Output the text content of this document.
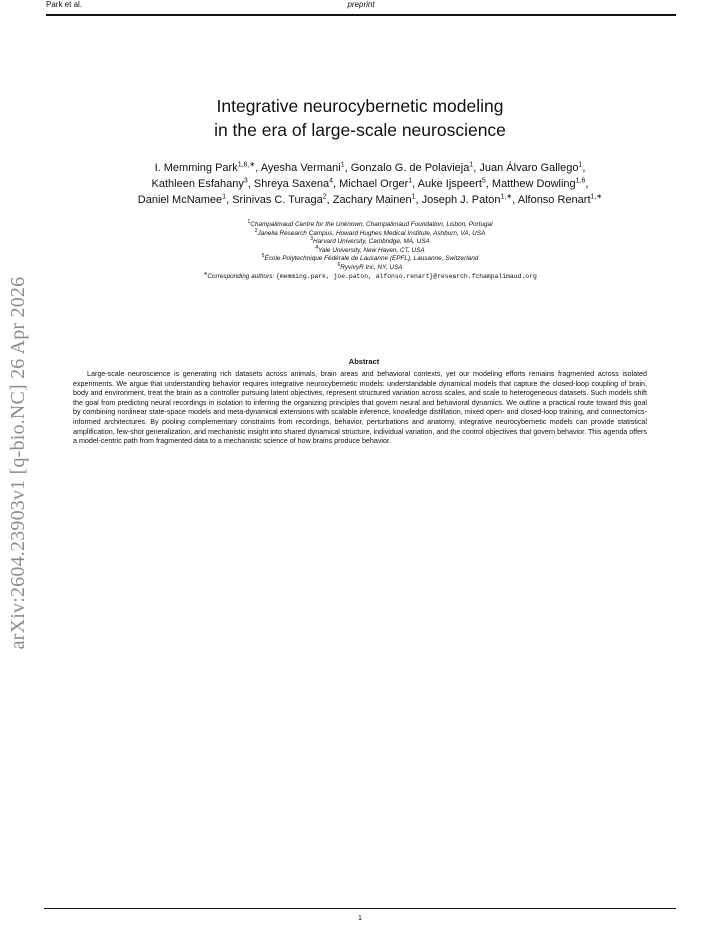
Park et al.	preprint
arXiv:2604.23903v1 [q-bio.NC] 26 Apr 2026
Integrative neurocybernetic modeling
in the era of large-scale neuroscience
I. Memming Park$^{1,6,∗}$, Ayesha Vermani$^1$, Gonzalo G. de Polavieja$^1$, Juan Álvaro Gallego$^1$,
Kathleen Esfahany$^3$, Shreya Saxena$^4$, Michael Orger$^1$, Auke Ijspeert$^5$, Matthew Dowling$^{1,6}$,
Daniel McNamee$^1$, Srinivas C. Turaga$^2$, Zachary Mainen$^1$, Joseph J. Paton$^{1,∗}$, Alfonso Renart$^{1,∗}$
$^1$Champalimaud Centre for the Unknown, Champalimaud Foundation, Lisbon, Portugal
$^2$Janelia Research Campus, Howard Hughes Medical Institute, Ashburn, VA, USA
$^3$Harvard University, Cambridge, MA, USA
$^4$Yale University, New Haven, CT, USA
$^5$École Polytechnique Fédérale de Lausanne (EPFL), Lausanne, Switzerland
$^6$RyvivyR Inc, NY, USA
∗Corresponding authors: {memming.park, joe.paton, alfonso.renart}@research.fchampalimaud.org
Abstract

Large-scale neuroscience is generating rich datasets across animals, brain areas and behavioral contexts, yet our modeling efforts remains fragmented across isolated experiments. We argue that understanding behavior requires integrative neurocybernetic models: understandable dynamical models that capture the closed-loop coupling of brain, body and environment, treat the brain as a controller pursuing latent objectives, represent structured variation across scales, and scale to heterogeneous datasets. Such models shift the goal from predicting neural recordings in isolation to inferring the organizing principles that govern neural and behavioral dynamics. We outline a practical route toward this goal by combining nonlinear state-space models and meta-dynamical extensions with scalable inference, knowledge distillation, mixed open- and closed-loop training, and connectomics-informed architectures. By pooling complementary constraints from recordings, behavior, perturbations and anatomy, integrative neurocybernetic models can provide statistical amplification, few-shot generalization, and mechanistic insight into shared dynamical structure, individual variation, and the control objectives that govern behavior. This agenda offers a model-centric path from fragmented data to a mechanistic science of how brains produce behavior.

1
